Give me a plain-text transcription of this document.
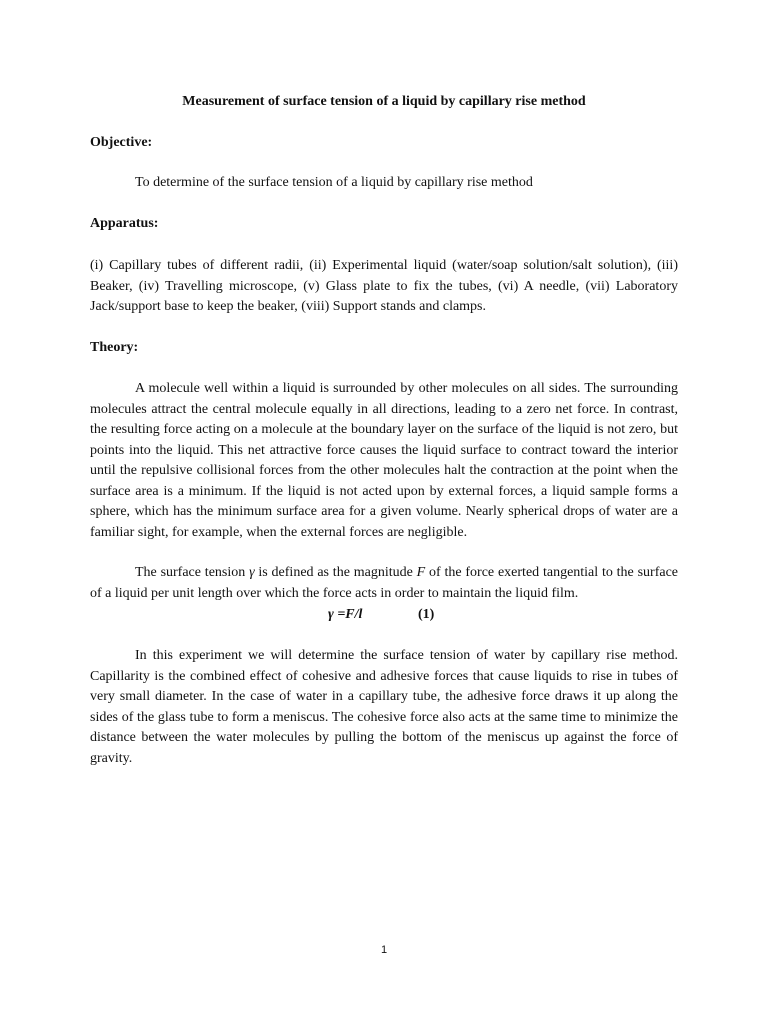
Measurement of surface tension of a liquid by capillary rise method

Objective:

To determine of the surface tension of a liquid by capillary rise method

Apparatus:

(i) Capillary tubes of different radii, (ii) Experimental liquid (water/soap solution/salt solution), (iii) Beaker, (iv) Travelling microscope, (v) Glass plate to fix the tubes, (vi) A needle, (vii) Laboratory Jack/support base to keep the beaker, (viii) Support stands and clamps.

Theory:

A molecule well within a liquid is surrounded by other molecules on all sides. The surrounding molecules attract the central molecule equally in all directions, leading to a zero net force. In contrast, the resulting force acting on a molecule at the boundary layer on the surface of the liquid is not zero, but points into the liquid. This net attractive force causes the liquid surface to contract toward the interior until the repulsive collisional forces from the other molecules halt the contraction at the point when the surface area is a minimum. If the liquid is not acted upon by external forces, a liquid sample forms a sphere, which has the minimum surface area for a given volume. Nearly spherical drops of water are a familiar sight, for example, when the external forces are negligible.

The surface tension γ is defined as the magnitude F of the force exerted tangential to the surface of a liquid per unit length over which the force acts in order to maintain the liquid film.

γ =F/l	(1)

In this experiment we will determine the surface tension of water by capillary rise method. Capillarity is the combined effect of cohesive and adhesive forces that cause liquids to rise in tubes of very small diameter. In the case of water in a capillary tube, the adhesive force draws it up along the sides of the glass tube to form a meniscus. The cohesive force also acts at the same time to minimize the distance between the water molecules by pulling the bottom of the meniscus up against the force of gravity.

1
